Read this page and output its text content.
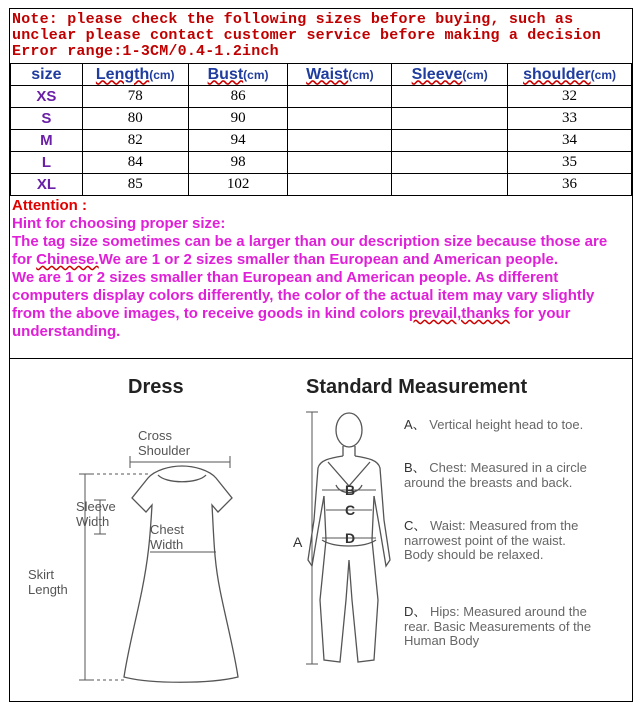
Note: please check the following sizes before buying, such as
unclear please contact customer service before making a decision
Error range:1-3CM/0.4-1.2inch
size	Length(cm)	Bust(cm)	Waist(cm)	Sleeve(cm)	shoulder(cm)
XS	78	86			32
S	80	90			33
M	82	94			34
L	84	98			35
XL	85	102			36
Attention :
Hint for choosing proper size:
The tag size sometimes can be a larger than our description size because those are for Chinese.We are 1 or 2 sizes smaller than European and American people.
We are 1 or 2 sizes smaller than European and American people. As different computers display colors differently, the color of the actual item may vary slightly from the above images, to receive goods in kind colors prevail,thanks for your understanding.
Dress
Cross Shoulder
Sleeve Width
Chest Width
Skirt Length
Standard Measurement
A
B
C
D
A、 Vertical height head to toe.
B、 Chest: Measured in a circle around the breasts and back.
C、 Waist: Measured from the narrowest point of the waist. Body should be relaxed.
D、 Hips: Measured around the rear. Basic Measurements of the Human Body
